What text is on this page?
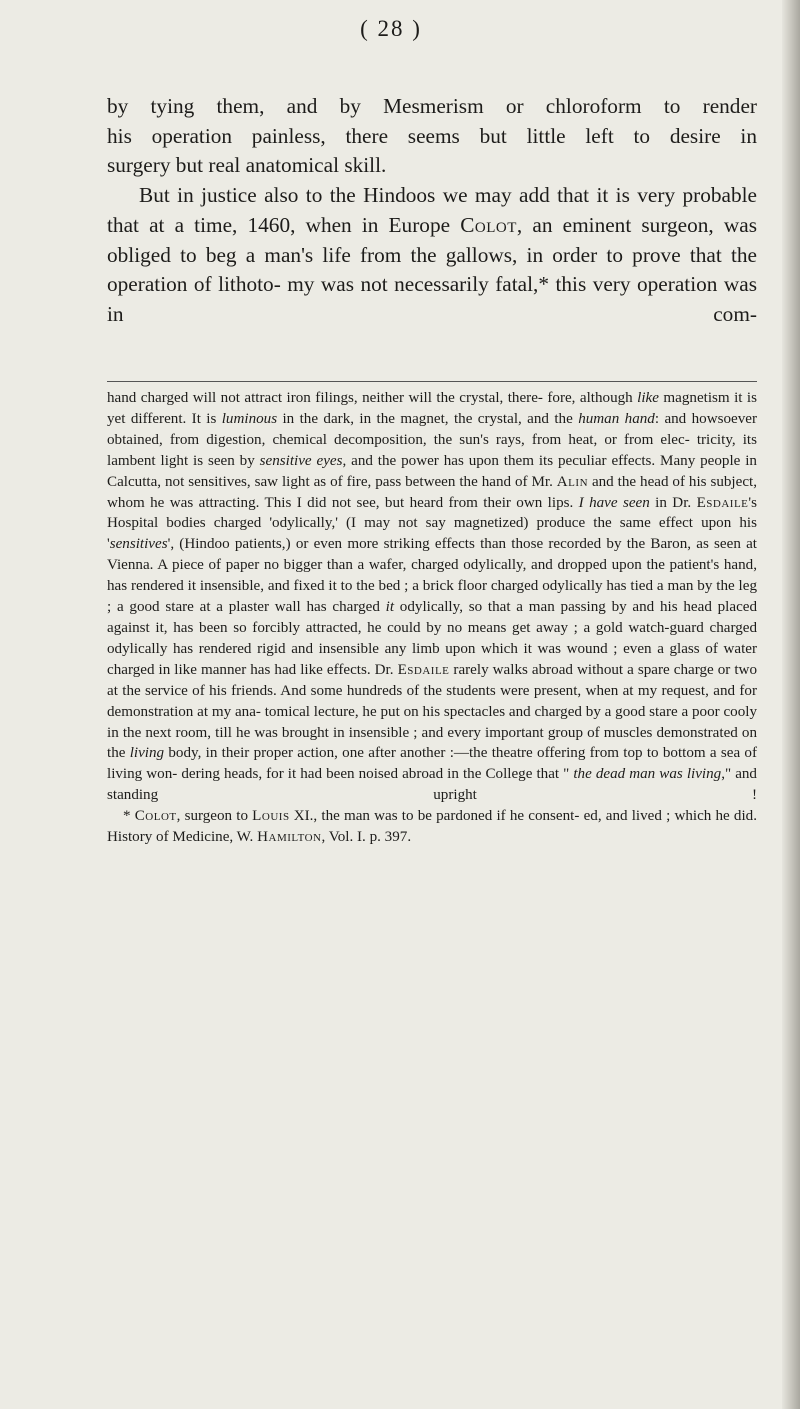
( 28 )

by tying them, and by Mesmerism or chloroform to render

his operation painless, there seems but little left to desire in

surgery but real anatomical skill.

But in justice also to the Hindoos we may add that it is very probable that at a time, 1460, when in Europe Colot, an eminent surgeon, was obliged to beg a man's life from the gallows, in order to prove that the operation of lithoto- my was not necessarily fatal,* this very operation was in com-

hand charged will not attract iron filings, neither will the crystal, there- fore, although like magnetism it is yet different. It is luminous in the dark, in the magnet, the crystal, and the human hand: and howsoever obtained, from digestion, chemical decomposition, the sun's rays, from heat, or from elec- tricity, its lambent light is seen by sensitive eyes, and the power has upon them its peculiar effects. Many people in Calcutta, not sensitives, saw light as of fire, pass between the hand of Mr. Alin and the head of his subject, whom he was attracting. This I did not see, but heard from their own lips. I have seen in Dr. Esdaile's Hospital bodies charged 'odylically,' (I may not say magnetized) produce the same effect upon his 'sensitives', (Hindoo patients,) or even more striking effects than those recorded by the Baron, as seen at Vienna. A piece of paper no bigger than a wafer, charged odylically, and dropped upon the patient's hand, has rendered it insensible, and fixed it to the bed ; a brick floor charged odylically has tied a man by the leg ; a good stare at a plaster wall has charged it odylically, so that a man passing by and his head placed against it, has been so forcibly attracted, he could by no means get away ; a gold watch-guard charged odylically has rendered rigid and insensible any limb upon which it was wound ; even a glass of water charged in like manner has had like effects. Dr. Esdaile rarely walks abroad without a spare charge or two at the service of his friends. And some hundreds of the students were present, when at my request, and for demonstration at my ana- tomical lecture, he put on his spectacles and charged by a good stare a poor cooly in the next room, till he was brought in insensible ; and every important group of muscles demonstrated on the living body, in their proper action, one after another :—the theatre offering from top to bottom a sea of living won- dering heads, for it had been noised abroad in the College that " the dead man was living," and standing upright !

* Colot, surgeon to Louis XI., the man was to be pardoned if he consent- ed, and lived ; which he did. History of Medicine, W. Hamilton, Vol. I. p. 397.
